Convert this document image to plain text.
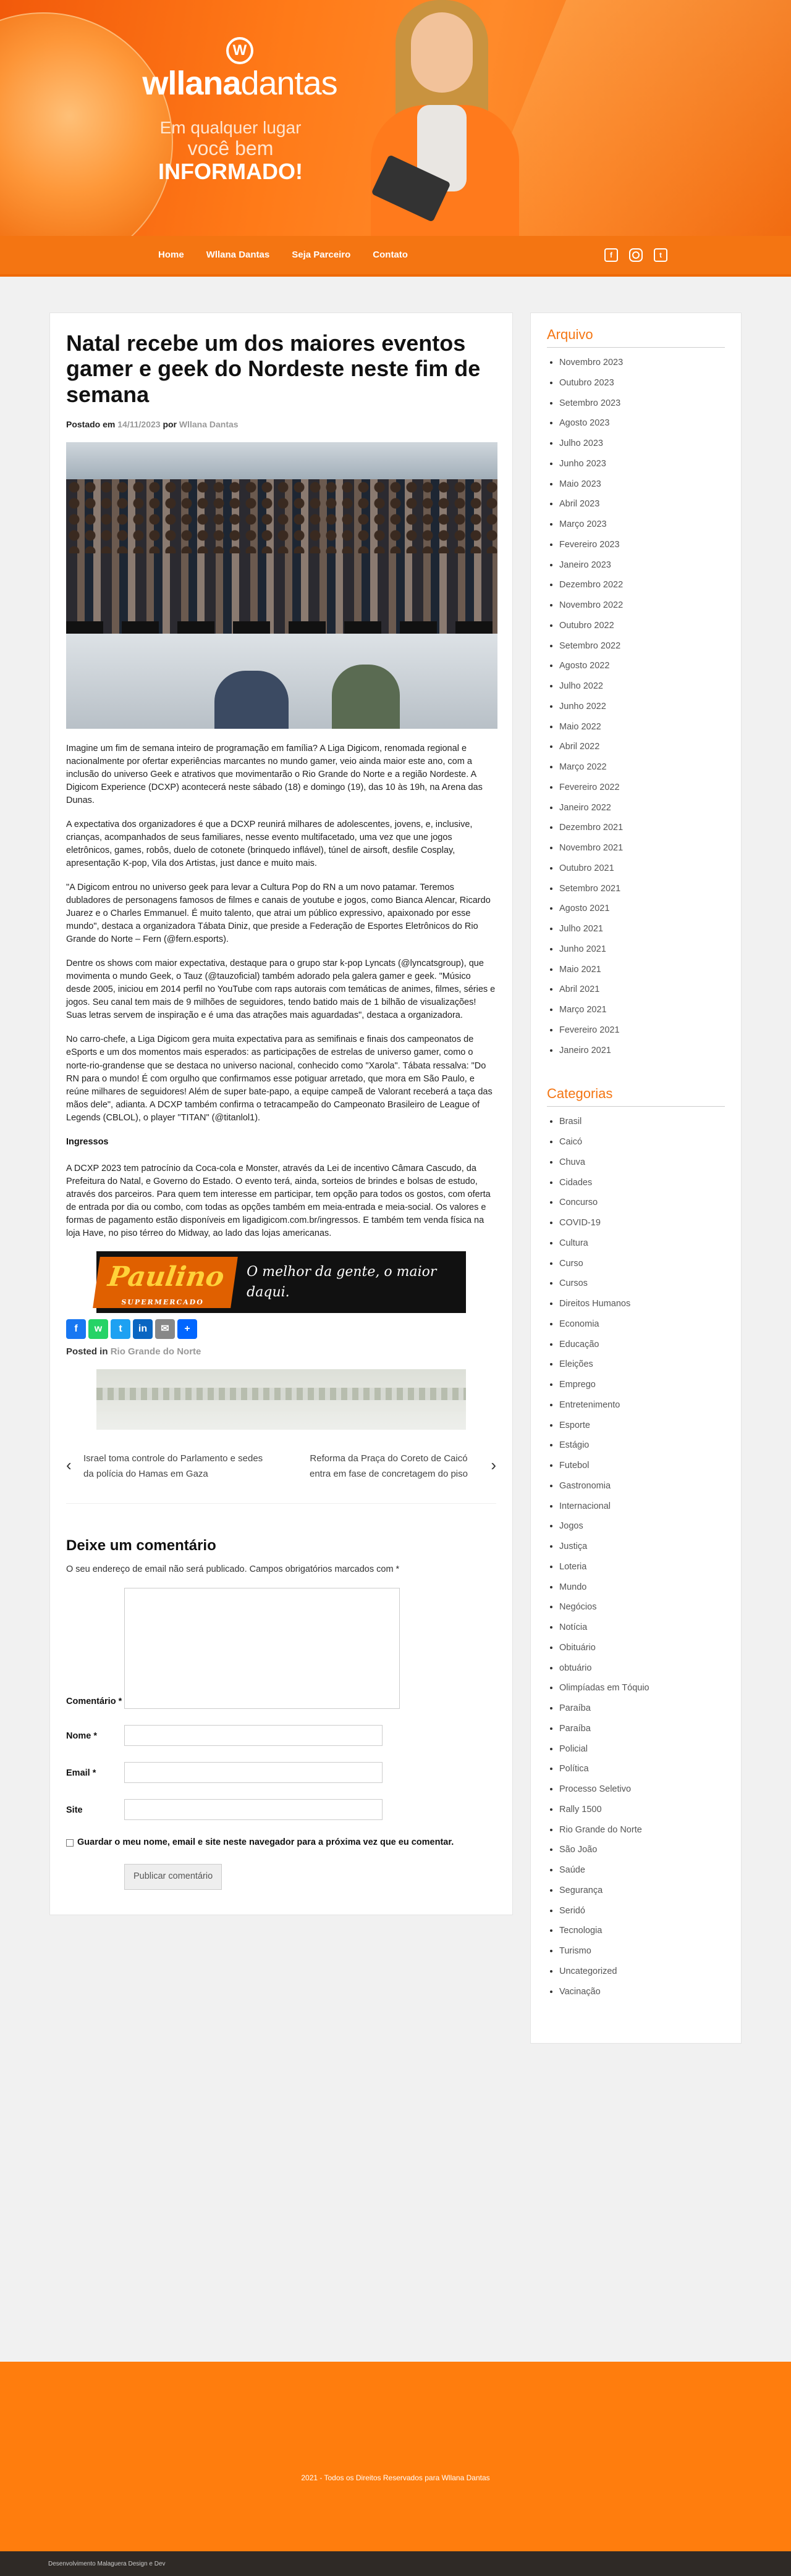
W
wllanadantas
Em qualquer lugar
você bem
INFORMADO!
Home Wllana Dantas Seja Parceiro Contato	f	t
Natal recebe um dos maiores eventos gamer e geek do Nordeste neste fim de semana
Postado em 14/11/2023 por Wllana Dantas

Imagine um fim de semana inteiro de programação em família? A Liga Digicom, renomada regional e nacionalmente por ofertar experiências marcantes no mundo gamer, veio ainda maior este ano, com a inclusão do universo Geek e atrativos que movimentarão o Rio Grande do Norte e a região Nordeste. A Digicom Experience (DCXP) acontecerá neste sábado (18) e domingo (19), das 10 às 19h, na Arena das Dunas.

A expectativa dos organizadores é que a DCXP reunirá milhares de adolescentes, jovens, e, inclusive, crianças, acompanhados de seus familiares, nesse evento multifacetado, uma vez que une jogos eletrônicos, games, robôs, duelo de cotonete (brinquedo inflável), túnel de airsoft, desfile Cosplay, apresentação K-pop, Vila dos Artistas, just dance e muito mais.

"A Digicom entrou no universo geek para levar a Cultura Pop do RN a um novo patamar. Teremos dubladores de personagens famosos de filmes e canais de youtube e jogos, como Bianca Alencar, Ricardo Juarez e o Charles Emmanuel. É muito talento, que atrai um público expressivo, apaixonado por esse mundo", destaca a organizadora Tábata Diniz, que preside a Federação de Esportes Eletrônicos do Rio Grande do Norte – Fern (@fern.esports).

Dentre os shows com maior expectativa, destaque para o grupo star k-pop Lyncats (@lyncatsgroup), que movimenta o mundo Geek, o Tauz (@tauzoficial) também adorado pela galera gamer e geek. "Músico desde 2005, iniciou em 2014 perfil no YouTube com raps autorais com temáticas de animes, filmes, séries e jogos. Seu canal tem mais de 9 milhões de seguidores, tendo batido mais de 1 bilhão de visualizações! Suas letras servem de inspiração e é uma das atrações mais aguardadas", destaca a organizadora.

No carro-chefe, a Liga Digicom gera muita expectativa para as semifinais e finais dos campeonatos de eSports e um dos momentos mais esperados: as participações de estrelas de universo gamer, como o norte-rio-grandense que se destaca no universo nacional, conhecido como "Xarola". Tábata ressalva: "Do RN para o mundo! É com orgulho que confirmamos esse potiguar arretado, que mora em São Paulo, e reúne milhares de seguidores! Além de super bate-papo, a equipe campeã de Valorant receberá a taça das mãos dele", adianta. A DCXP também confirma o tetracampeão do Campeonato Brasileiro de League of Legends (CBLOL), o player "TITAN" (@titanlol1).

Ingressos

A DCXP 2023 tem patrocínio da Coca-cola e Monster, através da Lei de incentivo Câmara Cascudo, da Prefeitura do Natal, e Governo do Estado. O evento terá, ainda, sorteios de brindes e bolsas de estudo, através dos parceiros. Para quem tem interesse em participar, tem opção para todos os gostos, com oferta de entrada por dia ou combo, com todas as opções também em meia-entrada e meia-social. Os valores e formas de pagamento estão disponíveis em ligadigicom.com.br/ingressos. E também tem venda física na loja Have, no piso térreo do Midway, ao lado das lojas americanas.

Paulino
SUPERMERCADO
O melhor da gente, o maior daqui.
f	w	t	in	✉	+
Posted in Rio Grande do Norte
‹ Israel toma controle do Parlamento e sedes da polícia do Hamas em Gaza
Reforma da Praça do Coreto de Caicó entra em fase de concretagem do piso ›
Deixe um comentário
O seu endereço de email não será publicado. Campos obrigatórios marcados com *
Comentário *
Nome *
Email *
Site
Guardar o meu nome, email e site neste navegador para a próxima vez que eu comentar.
Publicar comentário
Arquivo
• Novembro 2023
• Outubro 2023
• Setembro 2023
• Agosto 2023
• Julho 2023
• Junho 2023
• Maio 2023
• Abril 2023
• Março 2023
• Fevereiro 2023
• Janeiro 2023
• Dezembro 2022
• Novembro 2022
• Outubro 2022
• Setembro 2022
• Agosto 2022
• Julho 2022
• Junho 2022
• Maio 2022
• Abril 2022
• Março 2022
• Fevereiro 2022
• Janeiro 2022
• Dezembro 2021
• Novembro 2021
• Outubro 2021
• Setembro 2021
• Agosto 2021
• Julho 2021
• Junho 2021
• Maio 2021
• Abril 2021
• Março 2021
• Fevereiro 2021
• Janeiro 2021
Categorias
• Brasil
• Caicó
• Chuva
• Cidades
• Concurso
• COVID-19
• Cultura
• Curso
• Cursos
• Direitos Humanos
• Economia
• Educação
• Eleições
• Emprego
• Entretenimento
• Esporte
• Estágio
• Futebol
• Gastronomia
• Internacional
• Jogos
• Justiça
• Loteria
• Mundo
• Negócios
• Notícia
• Obituário
• obtuário
• Olimpíadas em Tóquio
• Paraíba
• Paraíba
• Policial
• Política
• Processo Seletivo
• Rally 1500
• Rio Grande do Norte
• São João
• Saúde
• Segurança
• Seridó
• Tecnologia
• Turismo
• Uncategorized
• Vacinação

2021 - Todos os Direitos Reservados para Wllana Dantas

Desenvolvimento Malaguera Design e Dev
